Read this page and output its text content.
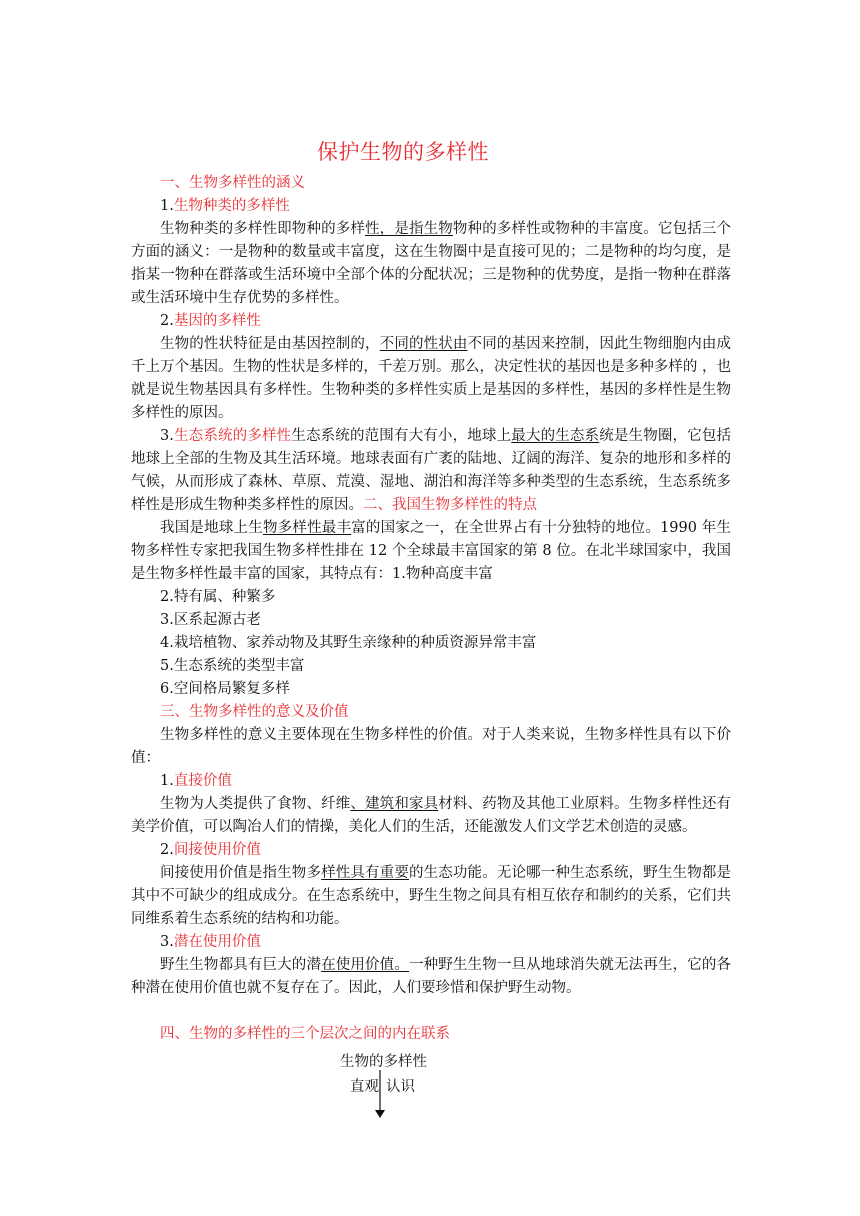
保护生物的多样性

一、生物多样性的涵义

1.生物种类的多样性

生物种类的多样性即物种的多样性，是指生物物种的多样性或物种的丰富度。它包括三个方面的涵义：一是物种的数量或丰富度，这在生物圈中是直接可见的；二是物种的均匀度，是指某一物种在群落或生活环境中全部个体的分配状况；三是物种的优势度，是指一物种在群落或生活环境中生存优势的多样性。

2.基因的多样性

生物的性状特征是由基因控制的，不同的性状由不同的基因来控制，因此生物细胞内由成千上万个基因。生物的性状是多样的，千差万别。那么，决定性状的基因也是多种多样的 ，也就是说生物基因具有多样性。生物种类的多样性实质上是基因的多样性，基因的多样性是生物多样性的原因。

3.生态系统的多样性生态系统的范围有大有小，地球上最大的生态系统是生物圈，它包括地球上全部的生物及其生活环境。地球表面有广袤的陆地、辽阔的海洋、复杂的地形和多样的气候，从而形成了森林、草原、荒漠、湿地、湖泊和海洋等多种类型的生态系统，生态系统多样性是形成生物种类多样性的原因。二、我国生物多样性的特点

我国是地球上生物多样性最丰富的国家之一，在全世界占有十分独特的地位。1990 年生物多样性专家把我国生物多样性排在 12 个全球最丰富国家的第 8 位。在北半球国家中，我国是生物多样性最丰富的国家，其特点有：1.物种高度丰富

2.特有属、种繁多

3.区系起源古老

4.栽培植物、家养动物及其野生亲缘种的种质资源异常丰富

5.生态系统的类型丰富

6.空间格局繁复多样

三、生物多样性的意义及价值

生物多样性的意义主要体现在生物多样性的价值。对于人类来说，生物多样性具有以下价值：

1.直接价值

生物为人类提供了食物、纤维、建筑和家具材料、药物及其他工业原料。生物多样性还有美学价值，可以陶冶人们的情操，美化人们的生活，还能激发人们文学艺术创造的灵感。

2.间接使用价值

间接使用价值是指生物多样性具有重要的生态功能。无论哪一种生态系统，野生生物都是其中不可缺少的组成成分。在生态系统中，野生生物之间具有相互依存和制约的关系，它们共同维系着生态系统的结构和功能。

3.潜在使用价值

野生生物都具有巨大的潜在使用价值。一种野生生物一旦从地球消失就无法再生，它的各种潜在使用价值也就不复存在了。因此，人们要珍惜和保护野生动物。

四、生物的多样性的三个层次之间的内在联系

生物的多样性
直观 认识
